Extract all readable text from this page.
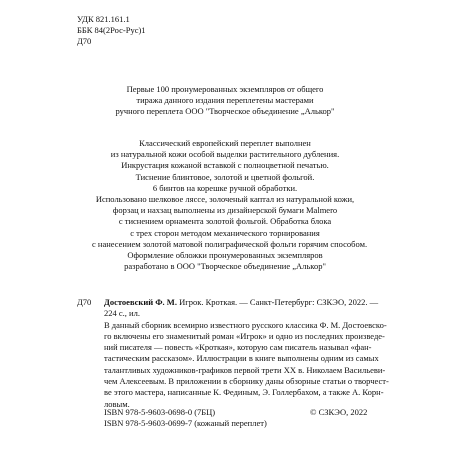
УДК 821.161.1
ББК 84(2Рос-Рус)1
Д70
Первые 100 пронумерованных экземпляров от общего
тиража данного издания переплетены мастерами
ручного переплета ООО "Творческое объединение „Алькор"
Классический европейский переплет выполнен
из натуральной кожи особой выделки растительного дубления.
Инкрустация кожаной вставкой с полноцветной печатью.
Тиснение блинтовое, золотой и цветной фольгой.
6 бинтов на корешке ручной обработки.
Использовано шелковое ляссе, золоченый каптал из натуральной кожи,
форзац и нахзац выполнены из дизайнерской бумаги Malmero
с тиснением орнамента золотой фольгой. Обработка блока
с трех сторон методом механического торнирования
с нанесением золотой матовой полиграфической фольги горячим способом.
Оформление обложки пронумерованных экземпляров
разработано в ООО "Творческое объединение „Алькор"
Д70 Достоевский Ф. М. Игрок. Кроткая. — Санкт-Петербург: СЗКЭО, 2022. —
224 с., ил.
В данный сборник всемирно известного русского классика Ф. М. Достоевско-
го включены его знаменитый роман «Игрок» и одно из последних произведе-
ний писателя — повесть «Кроткая», которую сам писатель называл «фан-
тастическим рассказом». Иллюстрации в книге выполнены одним из самых
талантливых художников-графиков первой трети ХХ в. Николаем Васильеви-
чем Алексеевым. В приложении в сборнику даны обзорные статьи о творчест-
ве этого мастера, написанные К. Фединым, Э. Голлербахом, а также А. Корн-
ловым.
ISBN 978-5-9603-0698-0 (7БЦ)
ISBN 978-5-9603-0699-7 (кожаный переплет)
© СЗКЭО, 2022
